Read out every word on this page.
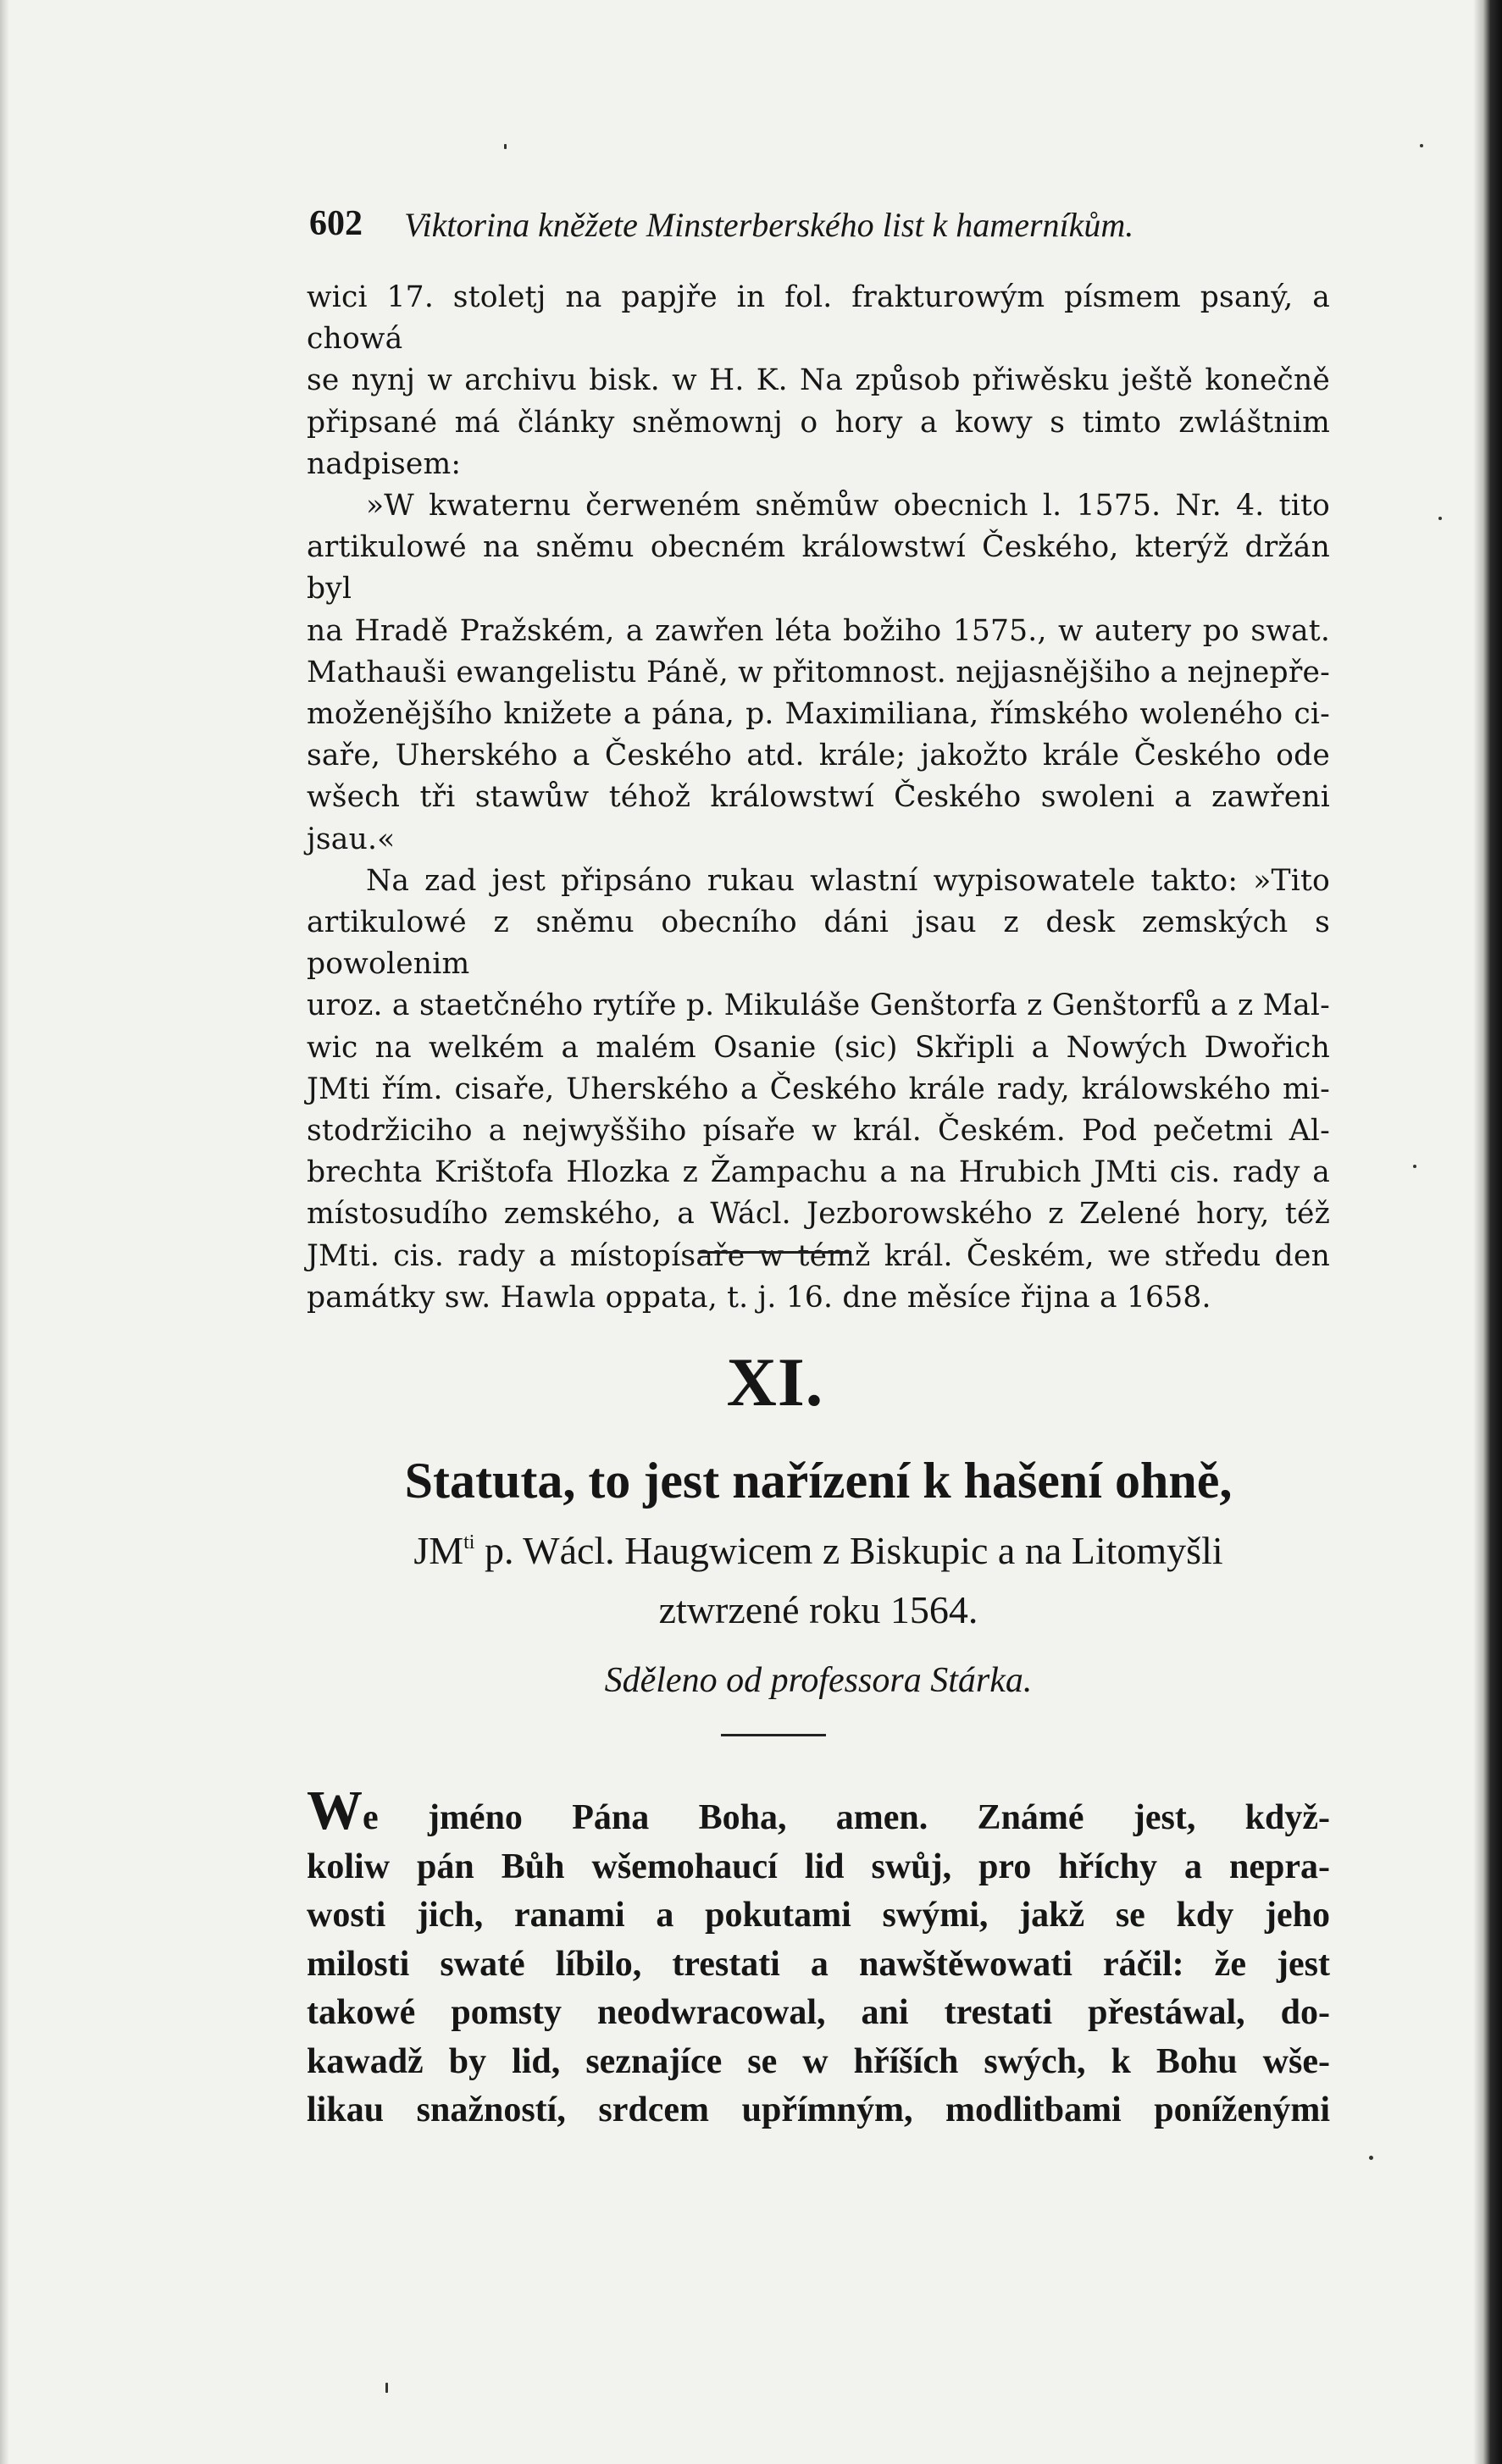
602 Viktorina kněžete Minsterberského list k hamerníkům.

wici 17. stoletj na papjře in fol. frakturowým písmem psaný, a chowá

se nynj w archivu bisk. w H. K. Na způsob přiwěsku ještě konečně

připsané má články sněmownj o hory a kowy s timto zwláštnim

nadpisem:

»W kwaternu čerweném sněmůw obecnich l. 1575. Nr. 4. tito

artikulowé na sněmu obecném králowstwí Českého, kterýž držán byl

na Hradě Pražském, a zawřen léta božiho 1575., w autery po swat.

Mathauši ewangelistu Páně, w přitomnost. nejjasnějšiho a nejnepře-

moženějšího knižete a pána, p. Maximiliana, římského woleného ci-

saře, Uherského a Českého atd. krále; jakožto krále Českého ode

wšech tři stawůw téhož králowstwí Českého swoleni a zawřeni jsau.«

Na zad jest připsáno rukau wlastní wypisowatele takto: »Tito

artikulowé z sněmu obecního dáni jsau z desk zemských s powolenim

uroz. a staetčného rytíře p. Mikuláše Genštorfa z Genštorfů a z Mal-

wic na welkém a malém Osanie (sic) Skřipli a Nowých Dwořich

JMti řím. cisaře, Uherského a Českého krále rady, králowského mi-

stodržiciho a nejwyššiho písaře w král. Českém. Pod pečetmi Al-

brechta Krištofa Hlozka z Žampachu a na Hrubich JMti cis. rady a

místosudího zemského, a Wácl. Jezborowského z Zelené hory, též

JMti. cis. rady a místopísaře w témž král. Českém, we středu den

památky sw. Hawla oppata, t. j. 16. dne měsíce řijna a 1658.

XI.
Statuta, to jest nařízení k hašení ohně,
$JM^{ti}$ p. Wácl. Haugwicem z Biskupic a na Litomyšli
ztwrzené roku 1564.
Sděleno od professora Stárka.

We jméno Pána Boha, amen. Známé jest, když-

koliw pán Bůh wšemohaucí lid swůj, pro hříchy a nepra-

wosti jich, ranami a pokutami swými, jakž se kdy jeho

milosti swaté líbilo, trestati a nawštěwowati ráčil: že jest

takowé pomsty neodwracowal, ani trestati přestáwal, do-

kawadž by lid, seznajíce se w hříších swých, k Bohu wše-

likau snažností, srdcem upřímným, modlitbami poníženými
